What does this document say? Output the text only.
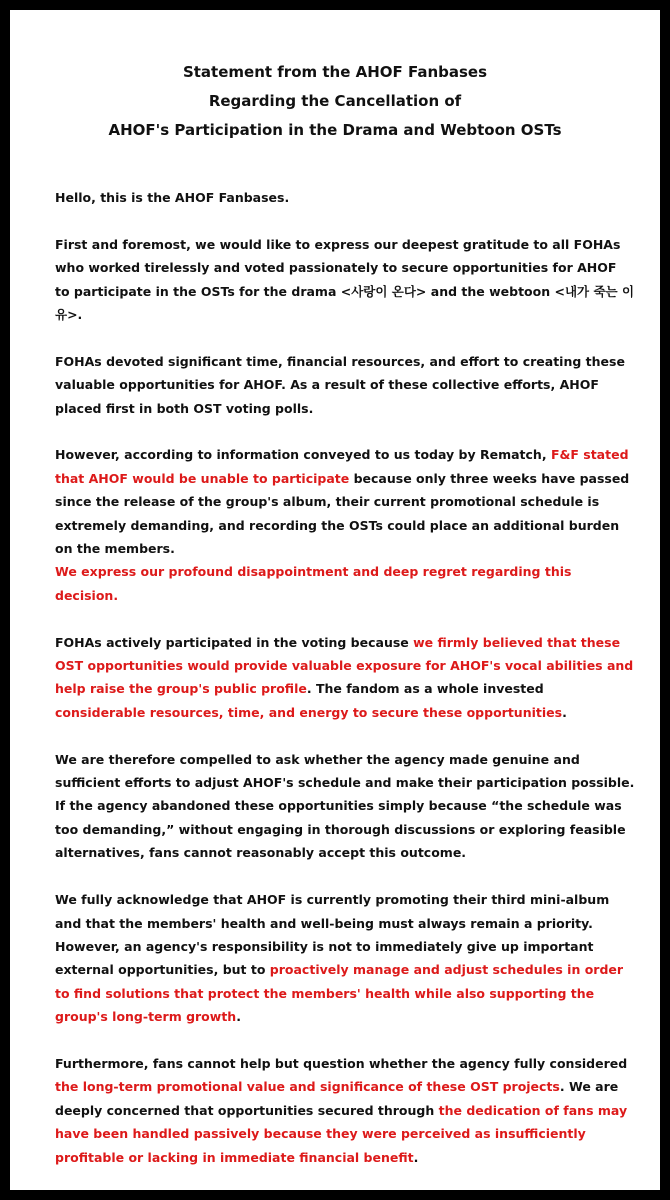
Statement from the AHOF Fanbases
Regarding the Cancellation of
AHOF's Participation in the Drama and Webtoon OSTs

Hello, this is the AHOF Fanbases.

First and foremost, we would like to express our deepest gratitude to all FOHAs who worked tirelessly and voted passionately to secure opportunities for AHOF to participate in the OSTs for the drama <사랑이 온다> and the webtoon <내가 죽는 이유>.

FOHAs devoted significant time, financial resources, and effort to creating these valuable opportunities for AHOF. As a result of these collective efforts, AHOF placed first in both OST voting polls.

However, according to information conveyed to us today by Rematch, F&F stated that AHOF would be unable to participate because only three weeks have passed since the release of the group's album, their current promotional schedule is extremely demanding, and recording the OSTs could place an additional burden on the members.
We express our profound disappointment and deep regret regarding this decision.

FOHAs actively participated in the voting because we firmly believed that these OST opportunities would provide valuable exposure for AHOF's vocal abilities and help raise the group's public profile. The fandom as a whole invested considerable resources, time, and energy to secure these opportunities.

We are therefore compelled to ask whether the agency made genuine and sufficient efforts to adjust AHOF's schedule and make their participation possible.
If the agency abandoned these opportunities simply because “the schedule was too demanding,” without engaging in thorough discussions or exploring feasible alternatives, fans cannot reasonably accept this outcome.

We fully acknowledge that AHOF is currently promoting their third mini-album and that the members' health and well-being must always remain a priority. However, an agency's responsibility is not to immediately give up important external opportunities, but to proactively manage and adjust schedules in order to find solutions that protect the members' health while also supporting the group's long-term growth.

Furthermore, fans cannot help but question whether the agency fully considered the long-term promotional value and significance of these OST projects. We are deeply concerned that opportunities secured through the dedication of fans may have been handled passively because they were perceived as insufficiently profitable or lacking in immediate financial benefit.
